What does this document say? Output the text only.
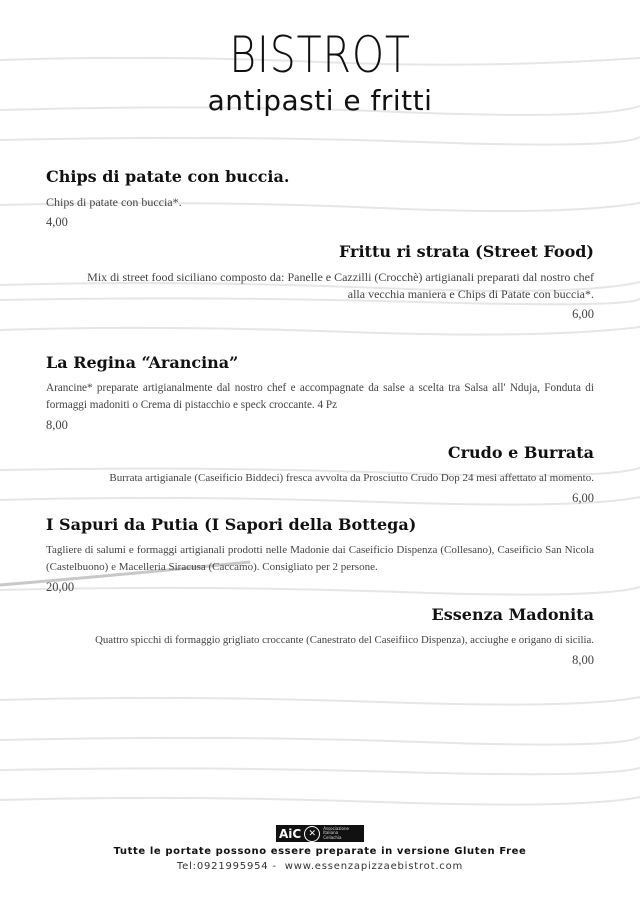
BISTROT
antipasti e fritti
Chips di patate con buccia.
Chips di patate con buccia*.
4,00
Frittu ri strata (Street Food)
Mix di street food siciliano composto da: Panelle e Cazzilli (Crocchè) artigianali preparati dal nostro chef alla vecchia maniera e Chips di Patate con buccia*.
6,00
La Regina “Arancina”
Arancine* preparate artigianalmente dal nostro chef e accompagnate da salse a scelta tra Salsa all' Nduja, Fonduta di formaggi madoniti o Crema di pistacchio e speck croccante. 4 Pz
8,00
Crudo e Burrata
Burrata artigianale (Caseificio Biddeci) fresca avvolta da Prosciutto Crudo Dop 24 mesi affettato al momento.
6,00
I Sapuri da Putia (I Sapori della Bottega)
Tagliere di salumi e formaggi artigianali prodotti nelle Madonie dai Caseificio Dispenza (Collesano), Caseificio San Nicola (Castelbuono) e Macelleria Siracusa (Caccamo). Consigliato per 2 persone.
20,00
Essenza Madonita
Quattro spicchi di formaggio grigliato croccante (Canestrato del Caseifiico Dispenza), acciughe e origano di sicilia.
8,00
AiC ✕
Associazione
Italiana
Celiachia
Tutte le portate possono essere preparate in versione Gluten Free
Tel:0921995954 -  www.essenzapizzaebistrot.com
